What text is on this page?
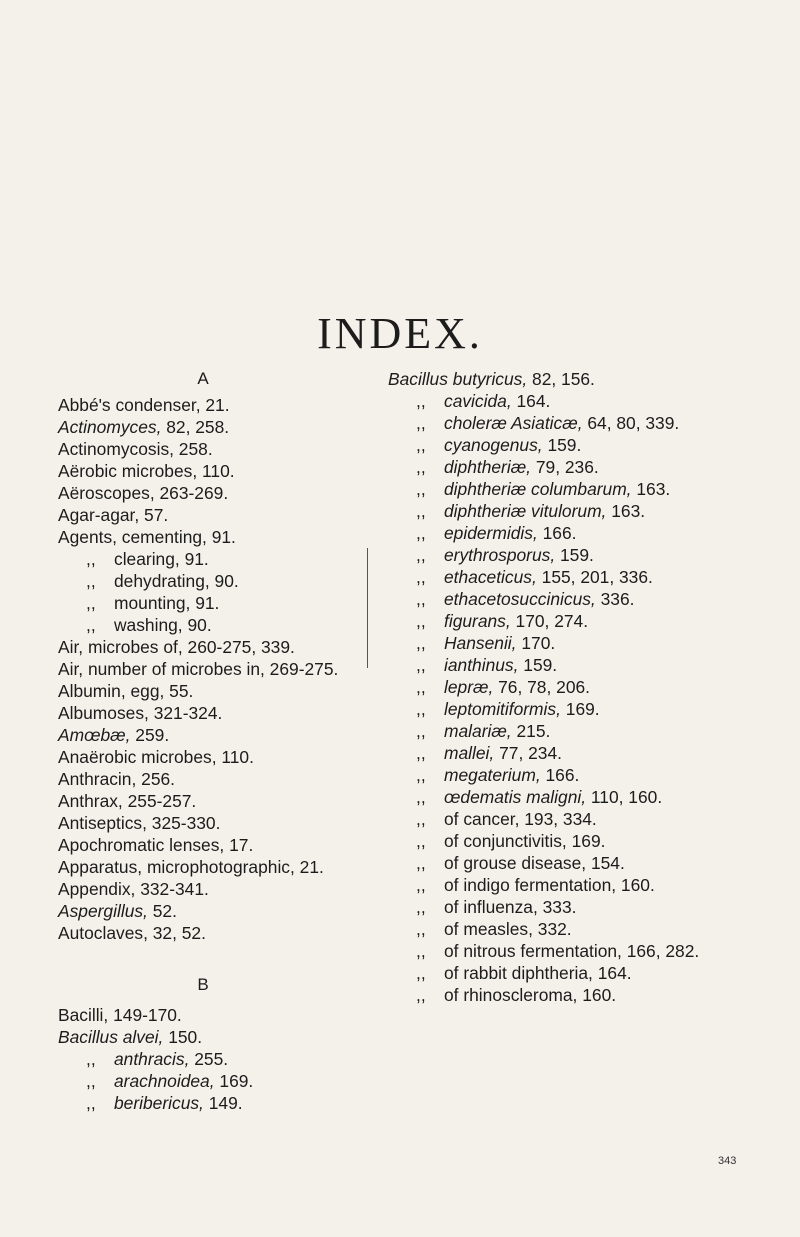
INDEX.
A
Abbé's condenser, 21.
Actinomyces, 82, 258.
Actinomycosis, 258.
Aërobic microbes, 110.
Aëroscopes, 263-269.
Agar-agar, 57.
Agents, cementing, 91.
,, clearing, 91.
,, dehydrating, 90.
,, mounting, 91.
,, washing, 90.
Air, microbes of, 260-275, 339.
Air, number of microbes in, 269-275.
Albumin, egg, 55.
Albumoses, 321-324.
Amœbæ, 259.
Anaërobic microbes, 110.
Anthracin, 256.
Anthrax, 255-257.
Antiseptics, 325-330.
Apochromatic lenses, 17.
Apparatus, microphotographic, 21.
Appendix, 332-341.
Aspergillus, 52.
Autoclaves, 32, 52.
B
Bacilli, 149-170.
Bacillus alvei, 150.
,, anthracis, 255.
,, arachnoidea, 169.
,, beribericus, 149.
Bacillus butyricus, 82, 156.
,, cavicida, 164.
,, choleræ Asiaticæ, 64, 80, 339.
,, cyanogenus, 159.
,, diphtheriæ, 79, 236.
,, diphtheriæ columbarum, 163.
,, diphtheriæ vitulorum, 163.
,, epidermidis, 166.
,, erythrosporus, 159.
,, ethaceticus, 155, 201, 336.
,, ethacetosuccinicus, 336.
,, figurans, 170, 274.
,, Hansenii, 170.
,, ianthinus, 159.
,, lepræ, 76, 78, 206.
,, leptomitiformis, 169.
,, malariæ, 215.
,, mallei, 77, 234.
,, megaterium, 166.
,, œdematis maligni, 110, 160.
,, of cancer, 193, 334.
,, of conjunctivitis, 169.
,, of grouse disease, 154.
,, of indigo fermentation, 160.
,, of influenza, 333.
,, of measles, 332.
,, of nitrous fermentation, 166, 282.
,, of rabbit diphtheria, 164.
,, of rhinoscleroma, 160.
343
